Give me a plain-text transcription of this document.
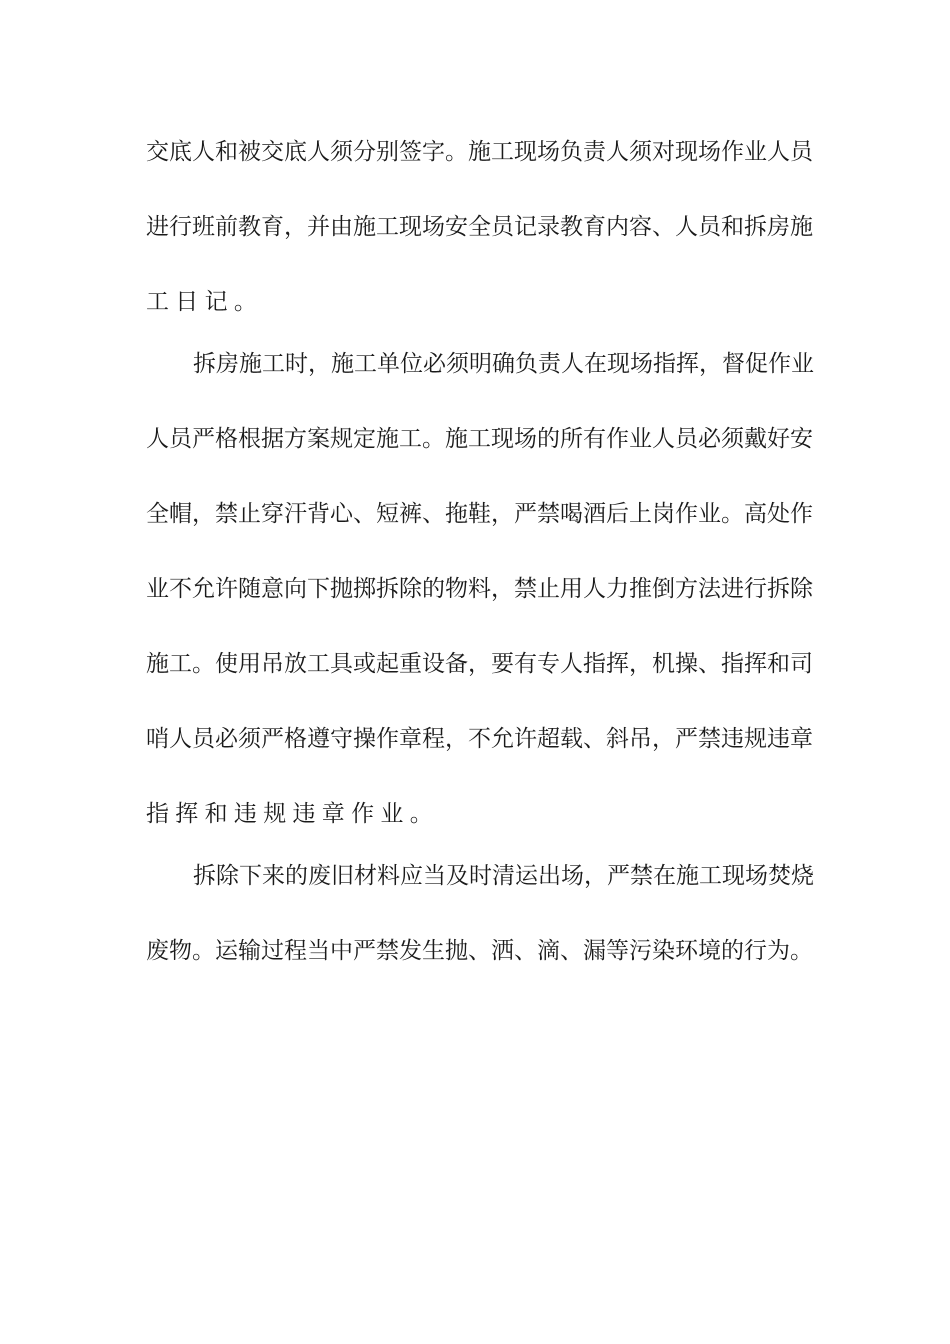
交底人和被交底人须分别签字。施工现场负责人须对现场作业人员
进行班前教育，并由施工现场安全员记录教育内容、人员和拆房施
工日记。
拆房施工时，施工单位必须明确负责人在现场指挥，督促作业
人员严格根据方案规定施工。施工现场的所有作业人员必须戴好安
全帽，禁止穿汗背心、短裤、拖鞋，严禁喝酒后上岗作业。高处作
业不允许随意向下抛掷拆除的物料，禁止用人力推倒方法进行拆除
施工。使用吊放工具或起重设备，要有专人指挥，机操、指挥和司
哨人员必须严格遵守操作章程，不允许超载、斜吊，严禁违规违章
指挥和违规违章作业。
拆除下来的废旧材料应当及时清运出场，严禁在施工现场焚烧
废物。运输过程当中严禁发生抛、洒、滴、漏等污染环境的行为。
